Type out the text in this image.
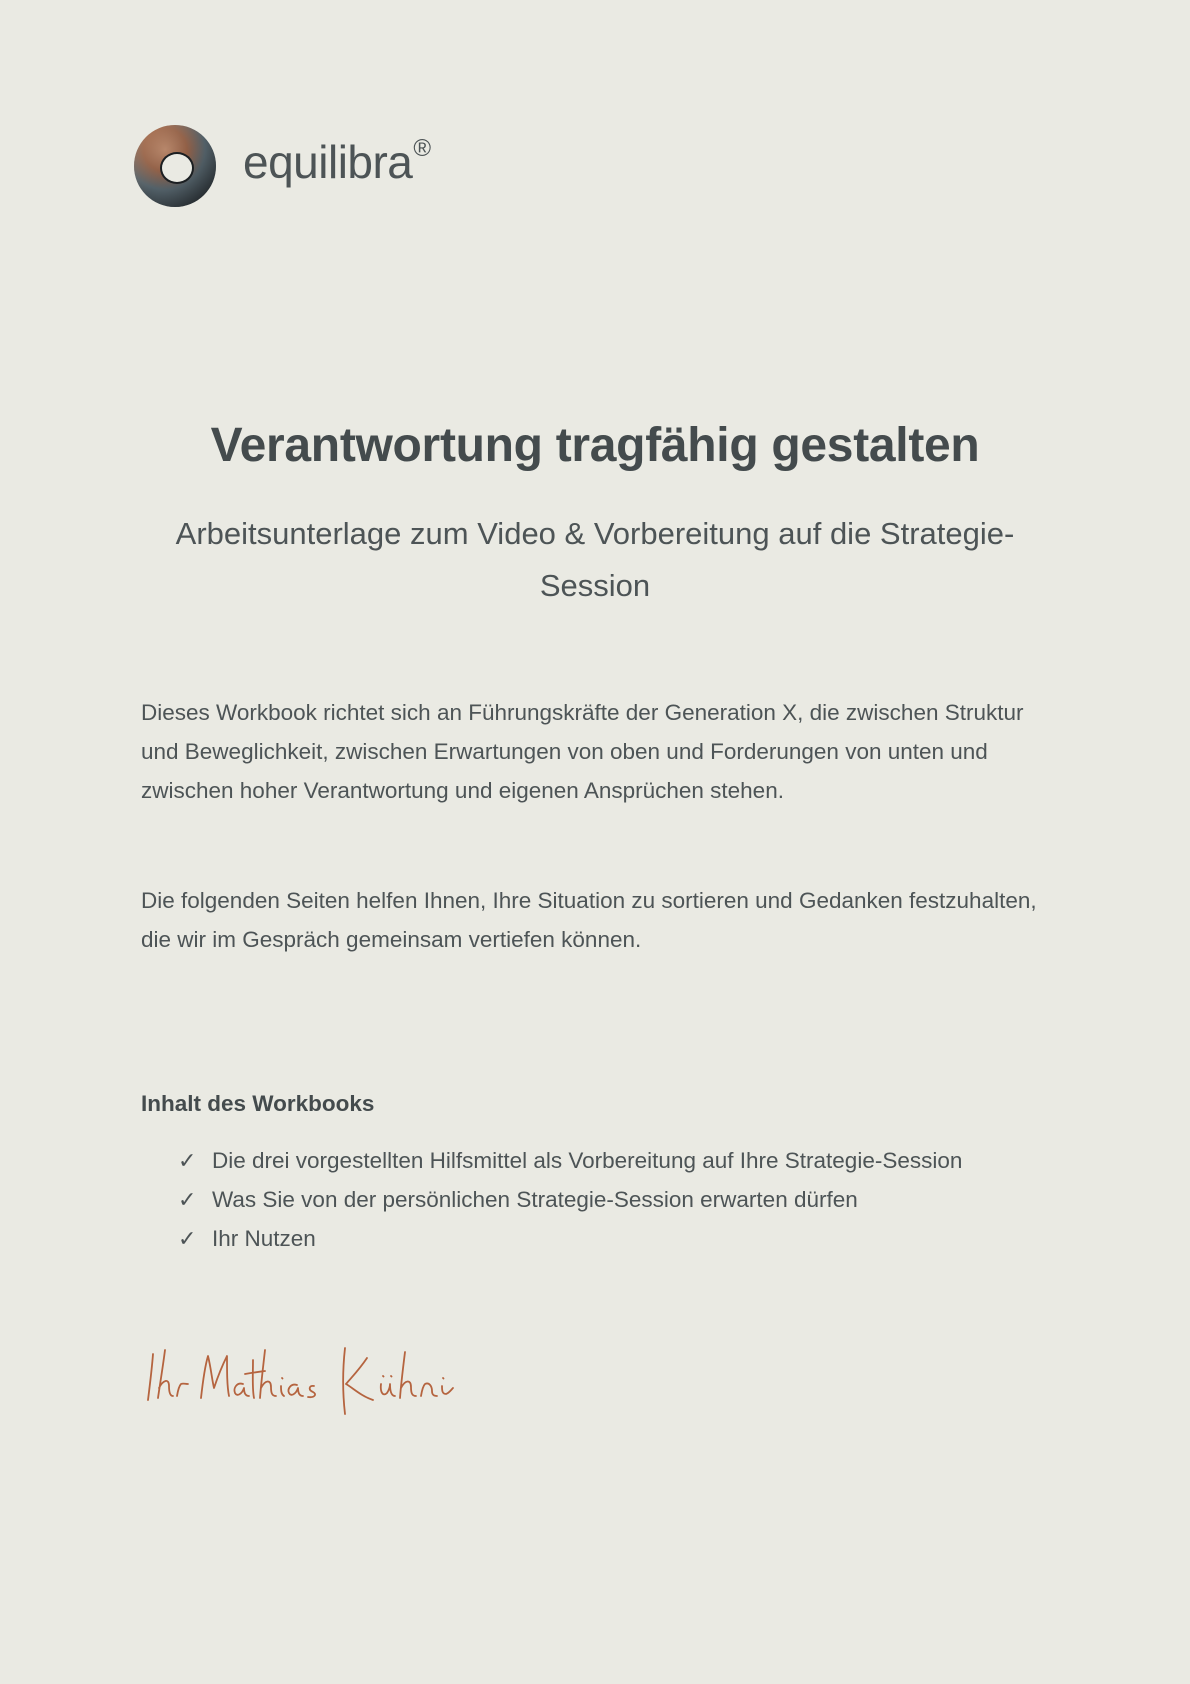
equilibra®
Verantwortung tragfähig gestalten

Arbeitsunterlage zum Video & Vorbereitung auf die Strategie-Session

Dieses Workbook richtet sich an Führungskräfte der Generation X, die zwischen Struktur und Beweglichkeit, zwischen Erwartungen von oben und Forderungen von unten und zwischen hoher Verantwortung und eigenen Ansprüchen stehen.

Die folgenden Seiten helfen Ihnen, Ihre Situation zu sortieren und Gedanken festzuhalten, die wir im Gespräch gemeinsam vertiefen können.

Inhalt des Workbooks
✓ Die drei vorgestellten Hilfsmittel als Vorbereitung auf Ihre Strategie-Session
✓ Was Sie von der persönlichen Strategie-Session erwarten dürfen
✓ Ihr Nutzen
